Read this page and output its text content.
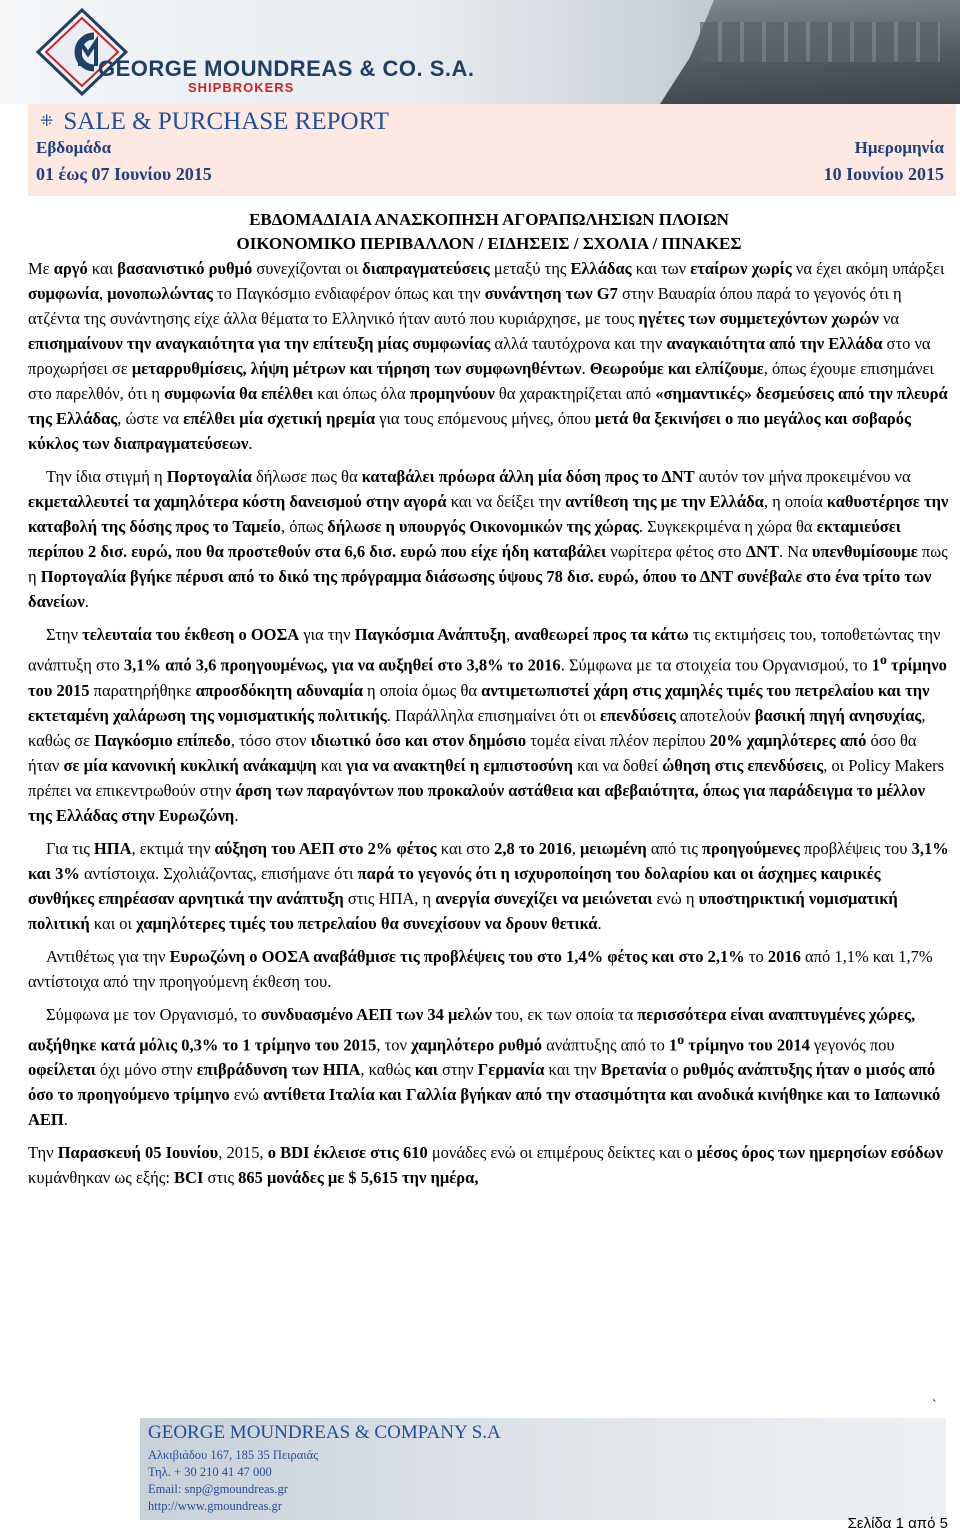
GEORGE MOUNDREAS & CO. S.A.
SHIPBROKERS
⁜ SALE & PURCHASE REPORT
Εβδομάδα	Ημερομηνία
01 έως 07 Ιουνίου 2015	10 Ιουνίου 2015
ΕΒΔΟΜΑΔΙΑΙΑ ΑΝΑΣΚΟΠΗΣΗ ΑΓΟΡΑΠΩΛΗΣΙΩΝ ΠΛΟΙΩΝ
ΟΙΚΟΝΟΜΙΚΟ ΠΕΡΙΒΑΛΛΟΝ / ΕΙΔΗΣΕΙΣ / ΣΧΟΛΙΑ / ΠΙΝΑΚΕΣ

Με αργό και βασανιστικό ρυθμό συνεχίζονται οι διαπραγματεύσεις μεταξύ της Ελλάδας και των εταίρων χωρίς να έχει ακόμη υπάρξει συμφωνία, μονοπωλώντας το Παγκόσμιο ενδιαφέρον όπως και την συνάντηση των G7 στην Βαυαρία όπου παρά το γεγονός ότι η ατζέντα της συνάντησης είχε άλλα θέματα το Ελληνικό ήταν αυτό που κυριάρχησε, με τους ηγέτες των συμμετεχόντων χωρών να επισημαίνουν την αναγκαιότητα για την επίτευξη μίας συμφωνίας αλλά ταυτόχρονα και την αναγκαιότητα από την Ελλάδα στο να προχωρήσει σε μεταρρυθμίσεις, λήψη μέτρων και τήρηση των συμφωνηθέντων. Θεωρούμε και ελπίζουμε, όπως έχουμε επισημάνει στο παρελθόν, ότι η συμφωνία θα επέλθει και όπως όλα προμηνύουν θα χαρακτηρίζεται από «σημαντικές» δεσμεύσεις από την πλευρά της Ελλάδας, ώστε να επέλθει μία σχετική ηρεμία για τους επόμενους μήνες, όπου μετά θα ξεκινήσει ο πιο μεγάλος και σοβαρός κύκλος των διαπραγματεύσεων.

Την ίδια στιγμή η Πορτογαλία δήλωσε πως θα καταβάλει πρόωρα άλλη μία δόση προς το ΔΝΤ αυτόν τον μήνα προκειμένου να εκμεταλλευτεί τα χαμηλότερα κόστη δανεισμού στην αγορά και να δείξει την αντίθεση της με την Ελλάδα, η οποία καθυστέρησε την καταβολή της δόσης προς το Ταμείο, όπως δήλωσε η υπουργός Οικονομικών της χώρας. Συγκεκριμένα η χώρα θα εκταμιεύσει περίπου 2 δισ. ευρώ, που θα προστεθούν στα 6,6 δισ. ευρώ που είχε ήδη καταβάλει νωρίτερα φέτος στο ΔΝΤ. Να υπενθυμίσουμε πως η Πορτογαλία βγήκε πέρυσι από το δικό της πρόγραμμα διάσωσης ύψους 78 δισ. ευρώ, όπου το ΔΝΤ συνέβαλε στο ένα τρίτο των δανείων.

Στην τελευταία του έκθεση ο ΟΟΣΑ για την Παγκόσμια Ανάπτυξη, αναθεωρεί προς τα κάτω τις εκτιμήσεις του, τοποθετώντας την ανάπτυξη στο 3,1% από 3,6 προηγουμένως, για να αυξηθεί στο 3,8% το 2016. Σύμφωνα με τα στοιχεία του Οργανισμού, το $1^o$ τρίμηνο του 2015 παρατηρήθηκε απροσδόκητη αδυναμία η οποία όμως θα αντιμετωπιστεί χάρη στις χαμηλές τιμές του πετρελαίου και την εκτεταμένη χαλάρωση της νομισματικής πολιτικής. Παράλληλα επισημαίνει ότι οι επενδύσεις αποτελούν βασική πηγή ανησυχίας, καθώς σε Παγκόσμιο επίπεδο, τόσο στον ιδιωτικό όσο και στον δημόσιο τομέα είναι πλέον περίπου 20% χαμηλότερες από όσο θα ήταν σε μία κανονική κυκλική ανάκαμψη και για να ανακτηθεί η εμπιστοσύνη και να δοθεί ώθηση στις επενδύσεις, οι Policy Makers πρέπει να επικεντρωθούν στην άρση των παραγόντων που προκαλούν αστάθεια και αβεβαιότητα, όπως για παράδειγμα το μέλλον της Ελλάδας στην Ευρωζώνη.

Για τις ΗΠΑ, εκτιμά την αύξηση του ΑΕΠ στο 2% φέτος και στο 2,8 το 2016, μειωμένη από τις προηγούμενες προβλέψεις του 3,1% και 3% αντίστοιχα. Σχολιάζοντας, επισήμανε ότι παρά το γεγονός ότι η ισχυροποίηση του δολαρίου και οι άσχημες καιρικές συνθήκες επηρέασαν αρνητικά την ανάπτυξη στις ΗΠΑ, η ανεργία συνεχίζει να μειώνεται ενώ η υποστηρικτική νομισματική πολιτική και οι χαμηλότερες τιμές του πετρελαίου θα συνεχίσουν να δρουν θετικά.

Αντιθέτως για την Ευρωζώνη ο ΟΟΣΑ αναβάθμισε τις προβλέψεις του στο 1,4% φέτος και στο 2,1% το 2016 από 1,1% και 1,7% αντίστοιχα από την προηγούμενη έκθεση του.

Σύμφωνα με τον Οργανισμό, το συνδυασμένο ΑΕΠ των 34 μελών του, εκ των οποία τα περισσότερα είναι αναπτυγμένες χώρες, αυξήθηκε κατά μόλις 0,3% το 1 τρίμηνο του 2015, τον χαμηλότερο ρυθμό ανάπτυξης από το $1^o$ τρίμηνο του 2014 γεγονός που οφείλεται όχι μόνο στην επιβράδυνση των ΗΠΑ, καθώς και στην Γερμανία και την Βρετανία ο ρυθμός ανάπτυξης ήταν ο μισός από όσο το προηγούμενο τρίμηνο ενώ αντίθετα Ιταλία και Γαλλία βγήκαν από την στασιμότητα και ανοδικά κινήθηκε και το Ιαπωνικό ΑΕΠ.

Την Παρασκευή 05 Ιουνίου, 2015, ο BDI έκλεισε στις 610 μονάδες ενώ οι επιμέρους δείκτες και ο μέσος όρος των ημερησίων εσόδων κυμάνθηκαν ως εξής: BCI στις 865 μονάδες με $ 5,615 την ημέρα,

`
GEORGE MOUNDREAS & COMPANY S.A
Αλκιβιάδου 167, 185 35 Πειραιάς
Τηλ. + 30 210 41 47 000
Email: snp@gmoundreas.gr
http://www.gmoundreas.gr
Σελίδα 1 από 5
